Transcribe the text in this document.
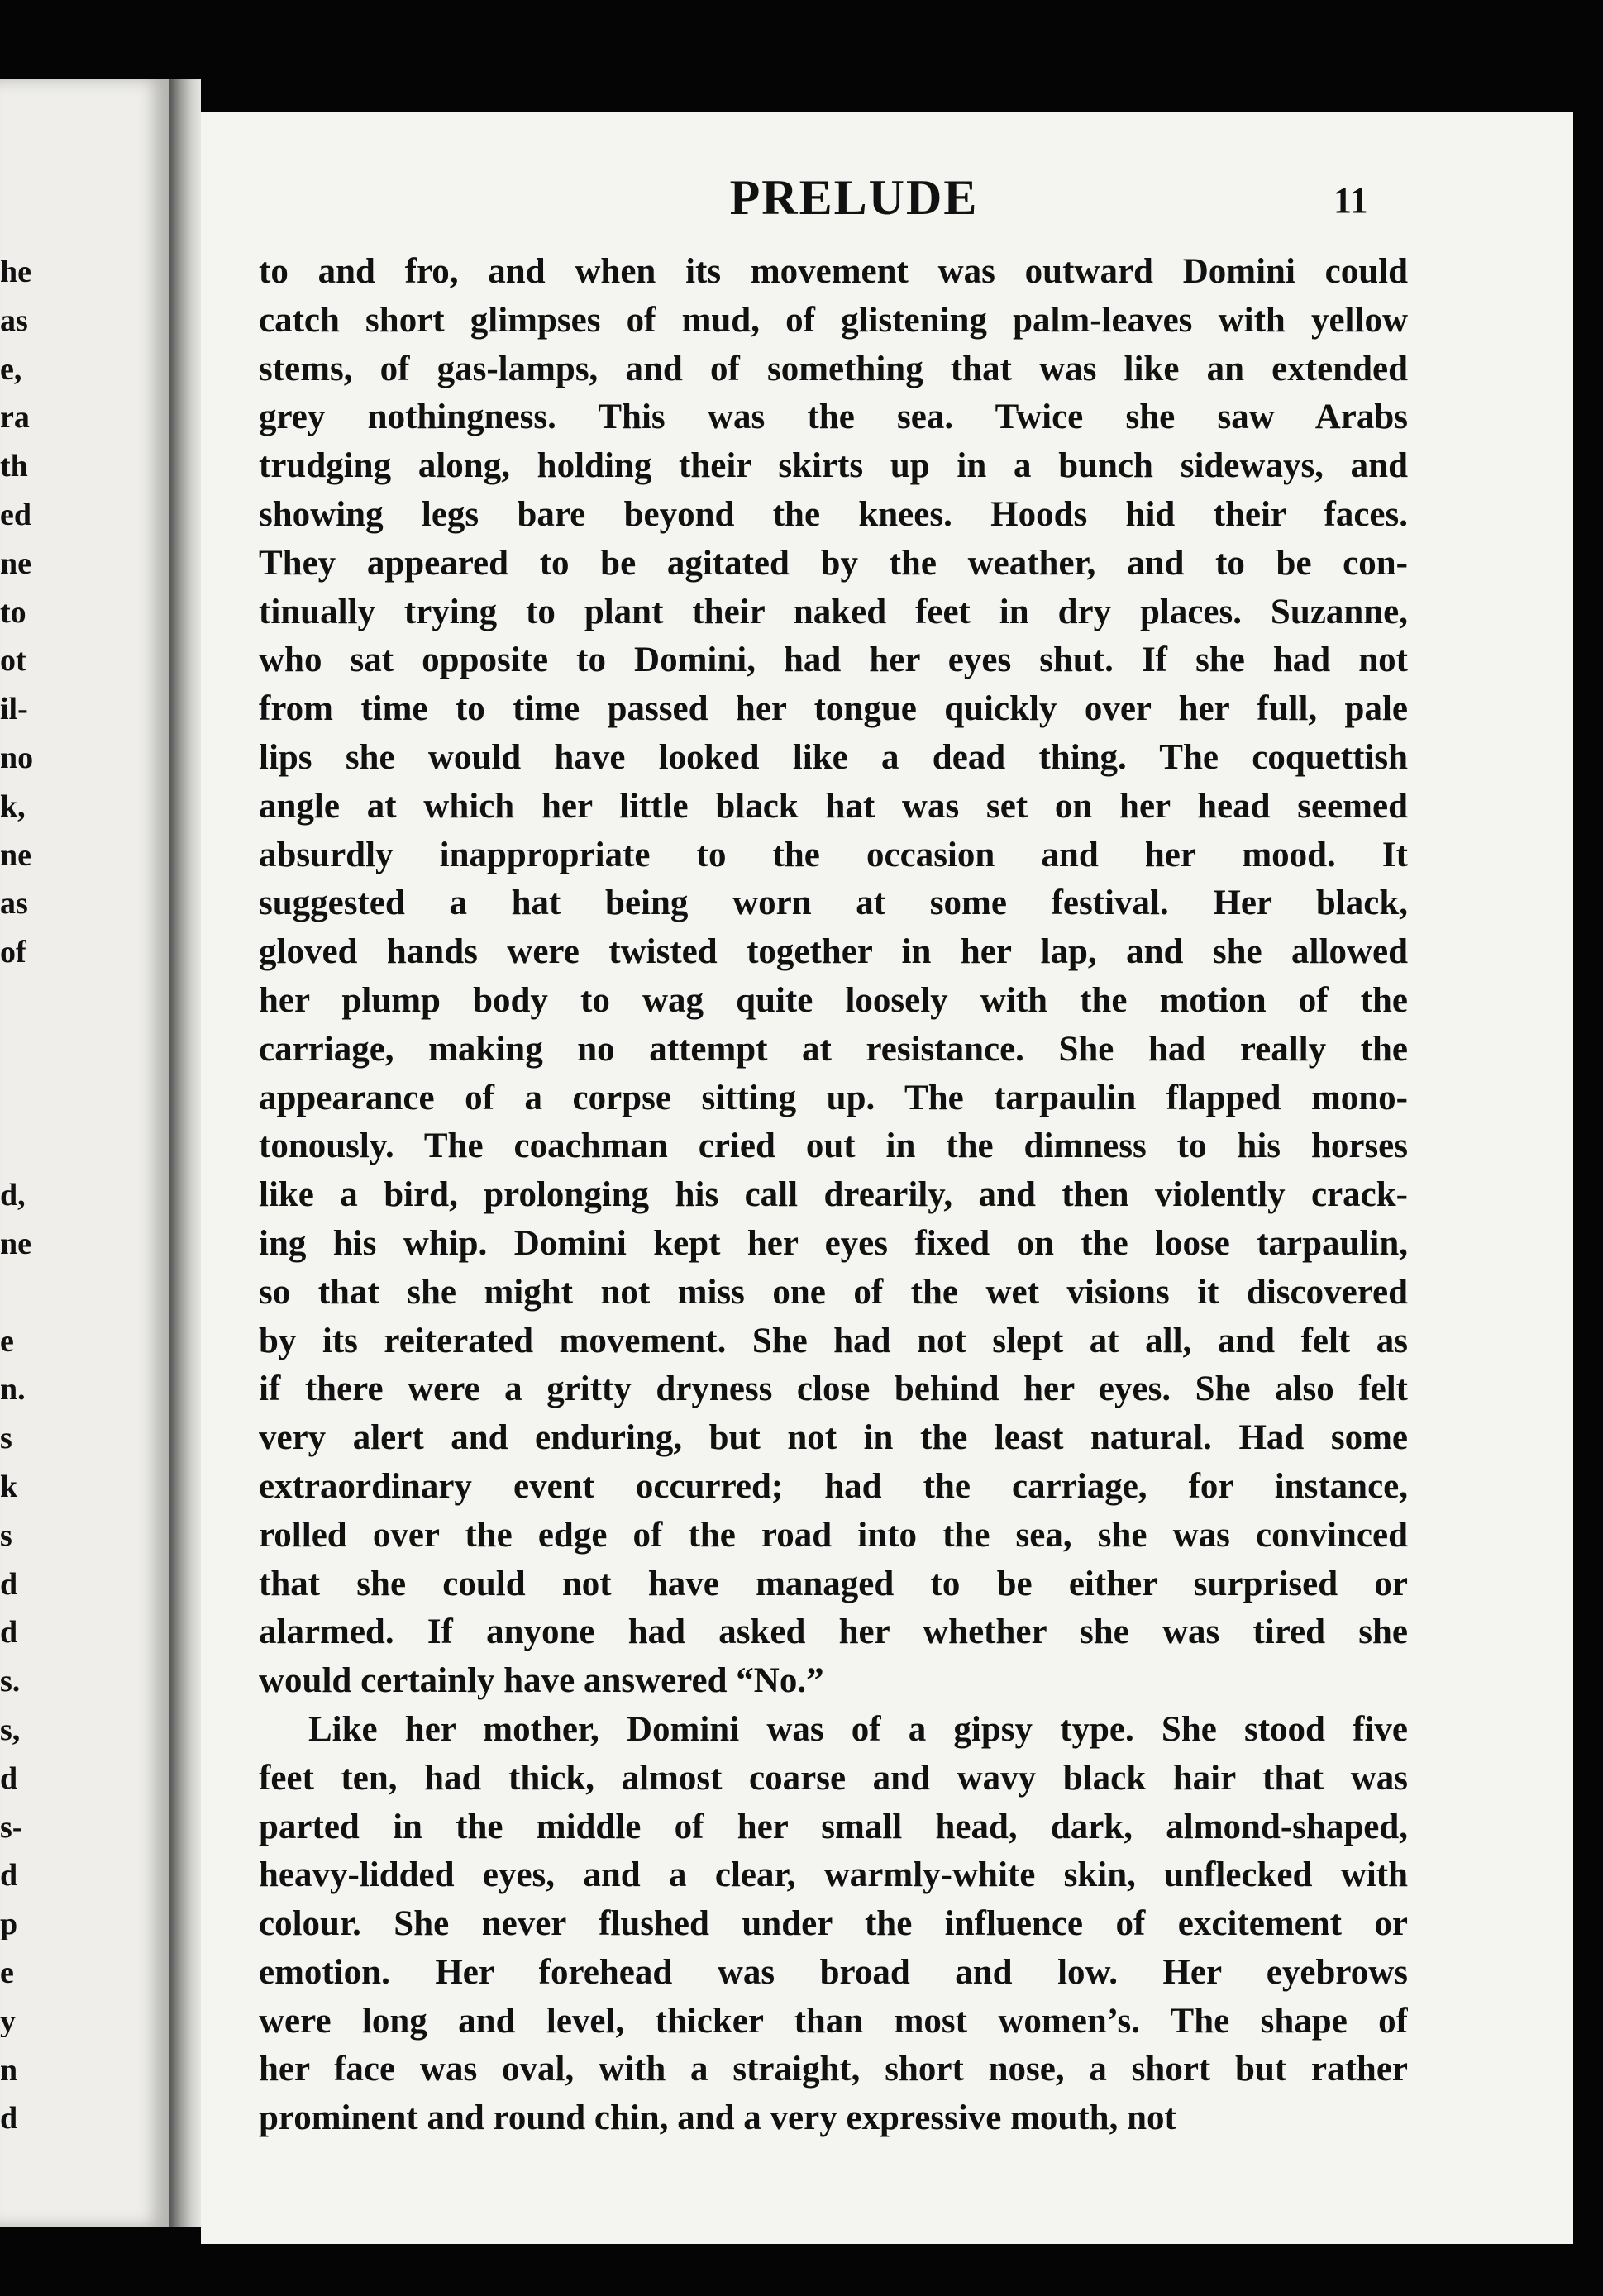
he
as
e,
ra
th
ed
ne
to
ot
il-
no
k,
ne
as
of
d,
ne
e
n.
s
k
s
d
d
s.
s,
d
s-
d
p
e
y
n
d
PRELUDE	11
to and fro, and when its movement was outward Domini could
catch short glimpses of mud, of glistening palm-leaves with yellow
stems, of gas-lamps, and of something that was like an extended
grey nothingness. This was the sea. Twice she saw Arabs
trudging along, holding their skirts up in a bunch sideways, and
showing legs bare beyond the knees. Hoods hid their faces.
They appeared to be agitated by the weather, and to be con-
tinually trying to plant their naked feet in dry places. Suzanne,
who sat opposite to Domini, had her eyes shut. If she had not
from time to time passed her tongue quickly over her full, pale
lips she would have looked like a dead thing. The coquettish
angle at which her little black hat was set on her head seemed
absurdly inappropriate to the occasion and her mood. It
suggested a hat being worn at some festival. Her black,
gloved hands were twisted together in her lap, and she allowed
her plump body to wag quite loosely with the motion of the
carriage, making no attempt at resistance. She had really the
appearance of a corpse sitting up. The tarpaulin flapped mono-
tonously. The coachman cried out in the dimness to his horses
like a bird, prolonging his call drearily, and then violently crack-
ing his whip. Domini kept her eyes fixed on the loose tarpaulin,
so that she might not miss one of the wet visions it discovered
by its reiterated movement. She had not slept at all, and felt as
if there were a gritty dryness close behind her eyes. She also felt
very alert and enduring, but not in the least natural. Had some
extraordinary event occurred; had the carriage, for instance,
rolled over the edge of the road into the sea, she was convinced
that she could not have managed to be either surprised or
alarmed. If anyone had asked her whether she was tired she
would certainly have answered “No.”
Like her mother, Domini was of a gipsy type. She stood five
feet ten, had thick, almost coarse and wavy black hair that was
parted in the middle of her small head, dark, almond-shaped,
heavy-lidded eyes, and a clear, warmly-white skin, unflecked with
colour. She never flushed under the influence of excitement or
emotion. Her forehead was broad and low. Her eyebrows
were long and level, thicker than most women’s. The shape of
her face was oval, with a straight, short nose, a short but rather
prominent and round chin, and a very expressive mouth, not
